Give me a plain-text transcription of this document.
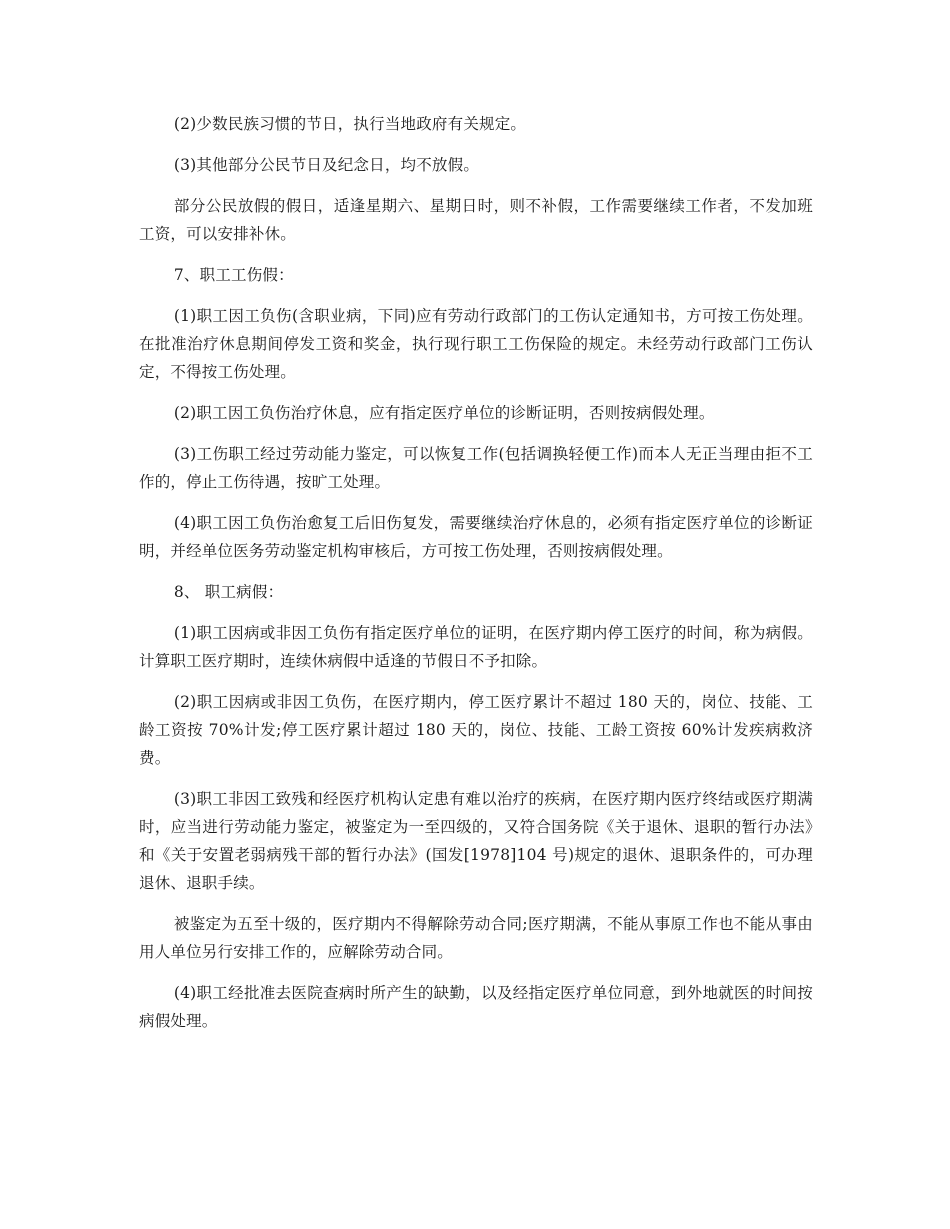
(2)少数民族习惯的节日，执行当地政府有关规定。

(3)其他部分公民节日及纪念日，均不放假。

部分公民放假的假日，适逢星期六、星期日时，则不补假，工作需要继续工作者，不发加班工资，可以安排补休。

7、职工工伤假：

(1)职工因工负伤(含职业病，下同)应有劳动行政部门的工伤认定通知书，方可按工伤处理。在批准治疗休息期间停发工资和奖金，执行现行职工工伤保险的规定。未经劳动行政部门工伤认定，不得按工伤处理。

(2)职工因工负伤治疗休息，应有指定医疗单位的诊断证明，否则按病假处理。

(3)工伤职工经过劳动能力鉴定，可以恢复工作(包括调换轻便工作)而本人无正当理由拒不工作的，停止工伤待遇，按旷工处理。

(4)职工因工负伤治愈复工后旧伤复发，需要继续治疗休息的，必须有指定医疗单位的诊断证明，并经单位医务劳动鉴定机构审核后，方可按工伤处理，否则按病假处理。

8、 职工病假：

(1)职工因病或非因工负伤有指定医疗单位的证明，在医疗期内停工医疗的时间，称为病假。计算职工医疗期时，连续休病假中适逢的节假日不予扣除。

(2)职工因病或非因工负伤，在医疗期内，停工医疗累计不超过 180 天的，岗位、技能、工龄工资按 70%计发;停工医疗累计超过 180 天的，岗位、技能、工龄工资按 60%计发疾病救济费。

(3)职工非因工致残和经医疗机构认定患有难以治疗的疾病，在医疗期内医疗终结或医疗期满时，应当进行劳动能力鉴定，被鉴定为一至四级的，又符合国务院《关于退休、退职的暂行办法》和《关于安置老弱病残干部的暂行办法》(国发[1978]104 号)规定的退休、退职条件的，可办理退休、退职手续。

被鉴定为五至十级的，医疗期内不得解除劳动合同;医疗期满，不能从事原工作也不能从事由用人单位另行安排工作的，应解除劳动合同。

(4)职工经批准去医院查病时所产生的缺勤，以及经指定医疗单位同意，到外地就医的时间按病假处理。
